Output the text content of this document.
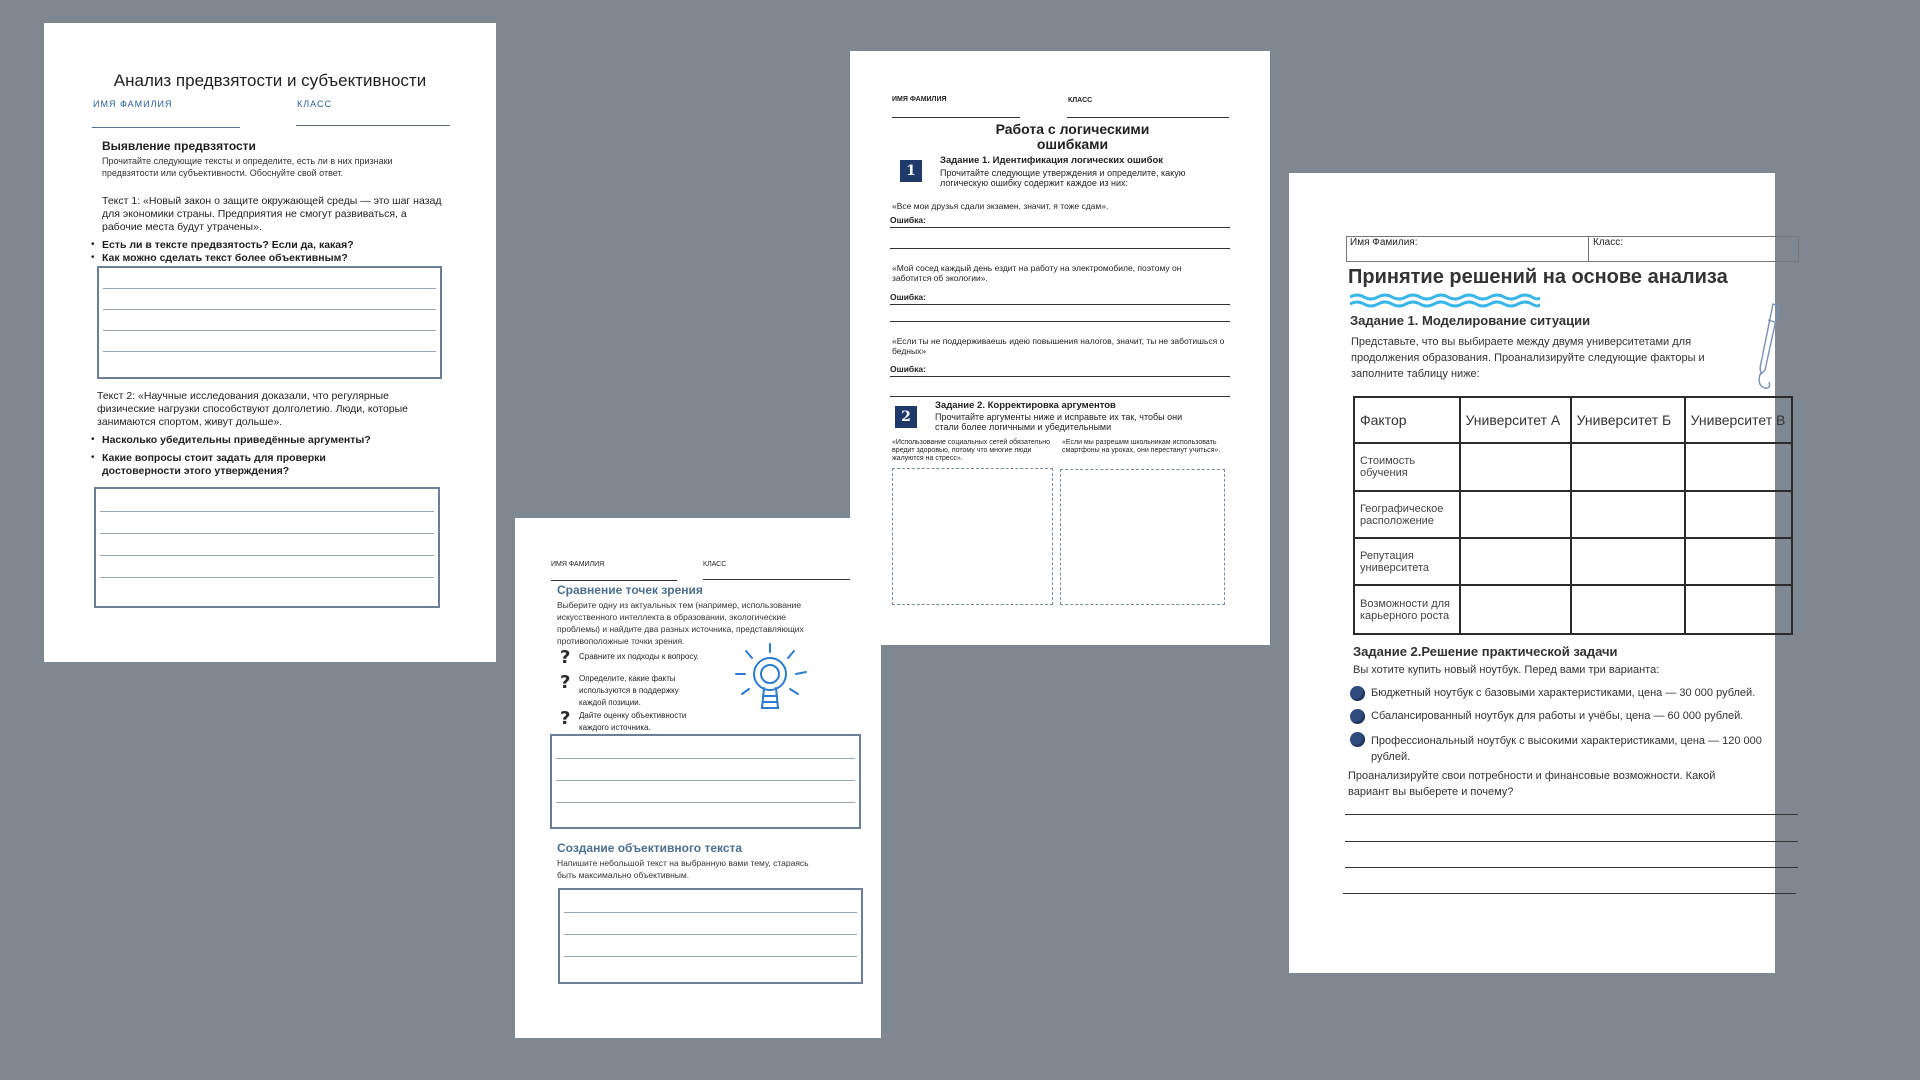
Анализ предвзятости и субъективности
ИМЯ ФАМИЛИЯ	КЛАСС
Выявление предвзятости
Прочитайте следующие тексты и определите, есть ли в них признаки предвзятости или субъективности. Обоснуйте свой ответ.
Текст 1: «Новый закон о защите окружающей среды — это шаг назад для экономики страны. Предприятия не смогут развиваться, а рабочие места будут утрачены».
• Есть ли в тексте предвзятость? Если да, какая?
• Как можно сделать текст более объективным?
Текст 2: «Научные исследования доказали, что регулярные физические нагрузки способствуют долголетию. Люди, которые занимаются спортом, живут дольше».
• Насколько убедительны приведённые аргументы?
• Какие вопросы стоит задать для проверки достоверности этого утверждения?
ИМЯ ФАМИЛИЯ	КЛАСС
Сравнение точек зрения
Выберите одну из актуальных тем (например, использование искусственного интеллекта в образовании, экологические проблемы) и найдите два разных источника, представляющих противоположные точки зрения.
? Сравните их подходы к вопросу.
? Определите, какие факты используются в поддержку каждой позиции.
? Дайте оценку объективности каждого источника.
Создание объективного текста
Напишите небольшой текст на выбранную вами тему, стараясь быть максимально объективным.
ИМЯ ФАМИЛИЯ	КЛАСС
Работа с логическими
ошибками
1
Задание 1. Идентификация логических ошибок
Прочитайте следующие утверждения и определите, какую логическую ошибку содержит каждое из них:
«Все мои друзья сдали экзамен, значит, я тоже сдам».
Ошибка:
«Мой сосед каждый день ездит на работу на электромобиле, поэтому он заботится об экологии».
Ошибка:
«Если ты не поддерживаешь идею повышения налогов, значит, ты не заботишься о бедных»
Ошибка:
2
Задание 2. Корректировка аргументов
Прочитайте аргументы ниже и исправьте их так, чтобы они стали более логичными и убедительными
«Использование социальных сетей обязательно вредит здоровью, потому что многие люди жалуются на стресс».
«Если мы разрешим школьникам использовать смартфоны на уроках, они перестанут учиться».
Имя Фамилия:	Класс:
Принятие решений на основе анализа
Задание 1. Моделирование ситуации
Представьте, что вы выбираете между двумя университетами для продолжения образования. Проанализируйте следующие факторы и заполните таблицу ниже:
Фактор	Университет А	Университет Б	Университет В
Стоимость обучения			
Географическое расположение			
Репутация университета			
Возможности для карьерного роста			
Задание 2.Решение практической задачи
Вы хотите купить новый ноутбук. Перед вами три варианта:
Бюджетный ноутбук с базовыми характеристиками, цена — 30 000 рублей.
Сбалансированный ноутбук для работы и учёбы, цена — 60 000 рублей.
Профессиональный ноутбук с высокими характеристиками, цена — 120 000 рублей.
Проанализируйте свои потребности и финансовые возможности. Какой вариант вы выберете и почему?
